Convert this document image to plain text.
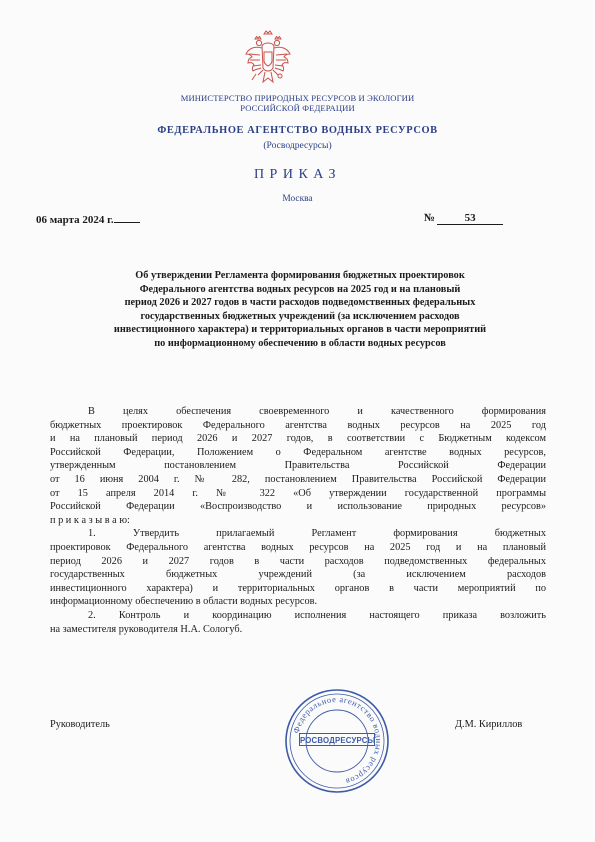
МИНИСТЕРСТВО ПРИРОДНЫХ РЕСУРСОВ И ЭКОЛОГИИ
РОССИЙСКОЙ ФЕДЕРАЦИИ
ФЕДЕРАЛЬНОЕ АГЕНТСТВО ВОДНЫХ РЕСУРСОВ
(Росводресурсы)
ПРИКАЗ
Москва
06 марта 2024 г.	№	53
Об утверждении Регламента формирования бюджетных проектировок
Федерального агентства водных ресурсов на 2025 год и на плановый
период 2026 и 2027 годов в части расходов подведомственных федеральных
государственных бюджетных учреждений (за исключением расходов
инвестиционного характера) и территориальных органов в части мероприятий
по информационному обеспечению в области водных ресурсов
В целях обеспечения своевременного и качественного формирования
бюджетных проектировок Федерального агентства водных ресурсов на 2025 год
и на плановый период 2026 и 2027 годов, в соответствии с Бюджетным кодексом
Российской Федерации, Положением о Федеральном агентстве водных ресурсов,
утвержденным постановлением Правительства Российской Федерации
от 16 июня 2004 г. № 282, постановлением Правительства Российской Федерации
от 15 апреля 2014 г. № 322 «Об утверждении государственной программы
Российской Федерации «Воспроизводство и использование природных ресурсов»
п р и к а з ы в а ю:
1. Утвердить прилагаемый Регламент формирования бюджетных
проектировок Федерального агентства водных ресурсов на 2025 год и на плановый
период 2026 и 2027 годов в части расходов подведомственных федеральных
государственных бюджетных учреждений (за исключением расходов
инвестиционного характера) и территориальных органов в части мероприятий по
информационному обеспечению в области водных ресурсов.
2. Контроль и координацию исполнения настоящего приказа возложить
на заместителя руководителя Н.А. Сологуб.
Руководитель	Федеральное агентство водных ресурсов
РОСВОДРЕСУРСЫ
Д.М. Кириллов
